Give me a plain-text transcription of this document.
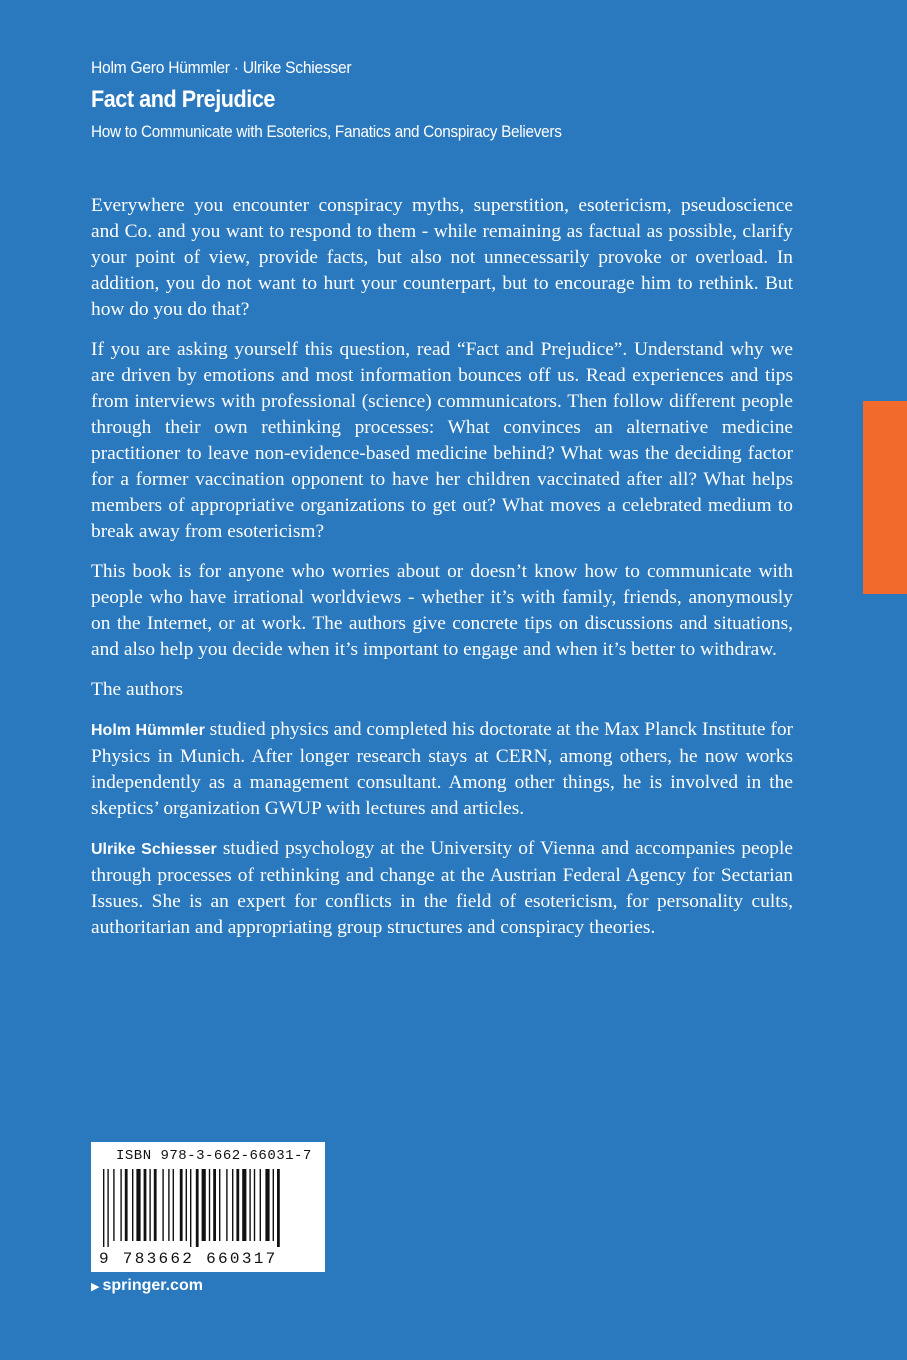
Holm Gero Hümmler · Ulrike Schiesser
Fact and Prejudice
How to Communicate with Esoterics, Fanatics and Conspiracy Believers

Everywhere you encounter conspiracy myths, superstition, esotericism, pseudoscience and Co. and you want to respond to them - while remaining as factual as possible, clarify your point of view, provide facts, but also not unnecessarily provoke or overload. In addition, you do not want to hurt your counterpart, but to encourage him to rethink. But how do you do that?

If you are asking yourself this question, read “Fact and Prejudice”. Understand why we are driven by emotions and most information bounces off us. Read experiences and tips from interviews with professional (science) communicators. Then follow different people through their own rethinking processes: What convinces an alternative medicine practitioner to leave non-evidence-based medicine behind? What was the deciding factor for a former vaccination opponent to have her children vaccinated after all? What helps members of appropriative organizations to get out? What moves a celebrated medium to break away from esotericism?

This book is for anyone who worries about or doesn’t know how to communicate with people who have irrational worldviews - whether it’s with family, friends, anonymously on the Internet, or at work. The authors give concrete tips on discussions and situations, and also help you decide when it’s important to engage and when it’s better to withdraw.

The authors

Holm Hümmler studied physics and completed his doctorate at the Max Planck Institute for Physics in Munich. After longer research stays at CERN, among others, he now works independently as a management consultant. Among other things, he is involved in the skeptics’ organization GWUP with lectures and articles.

Ulrike Schiesser studied psychology at the University of Vienna and accompanies people through processes of rethinking and change at the Austrian Federal Agency for Sectarian Issues. She is an expert for conflicts in the field of esotericism, for personality cults, authoritarian and appropriating group structures and conspiracy theories.

ISBN 978-3-662-66031-7
9 783662 660317
▶ springer.com
